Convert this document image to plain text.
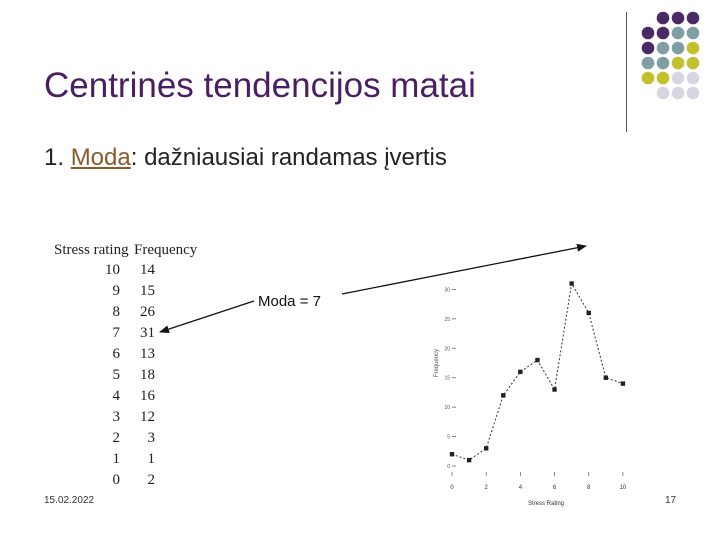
Centrinės tendencijos matai
1. Moda: dažniausiai randamas įvertis
Stress rating Frequency
10	14
9	15
8	26
7	31
6	13
5	18
4	16
3	12
2	3
1	1
0	2
Moda = 7
0
5
10
15
20
25
30
Frequency
0	2	4	6	8	10
Stress Rating
15.02.2022	17
